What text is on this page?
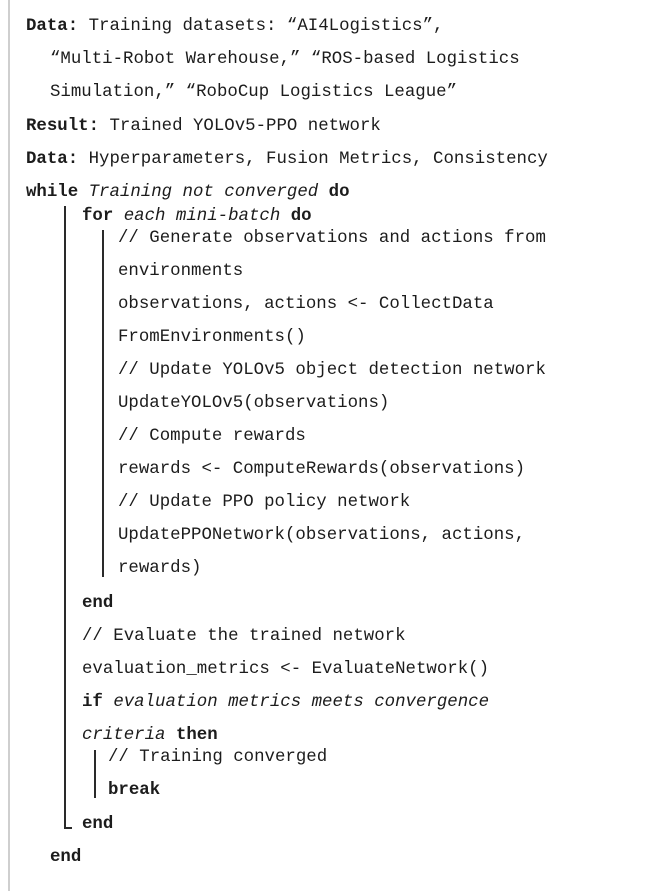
Data: Training datasets: “AI4Logistics”,
“Multi-Robot Warehouse,” “ROS-based Logistics
Simulation,” “RoboCup Logistics League”
Result: Trained YOLOv5-PPO network
Data: Hyperparameters, Fusion Metrics, Consistency
while Training not converged do
for each mini-batch do
// Generate observations and actions from
environments
observations, actions <- CollectData
FromEnvironments()
// Update YOLOv5 object detection network
UpdateYOLOv5(observations)
// Compute rewards
rewards <- ComputeRewards(observations)
// Update PPO policy network
UpdatePPONetwork(observations, actions,
rewards)
end
// Evaluate the trained network
evaluation_metrics <- EvaluateNetwork()
if evaluation metrics meets convergence
criteria then
// Training converged
break
end
end
